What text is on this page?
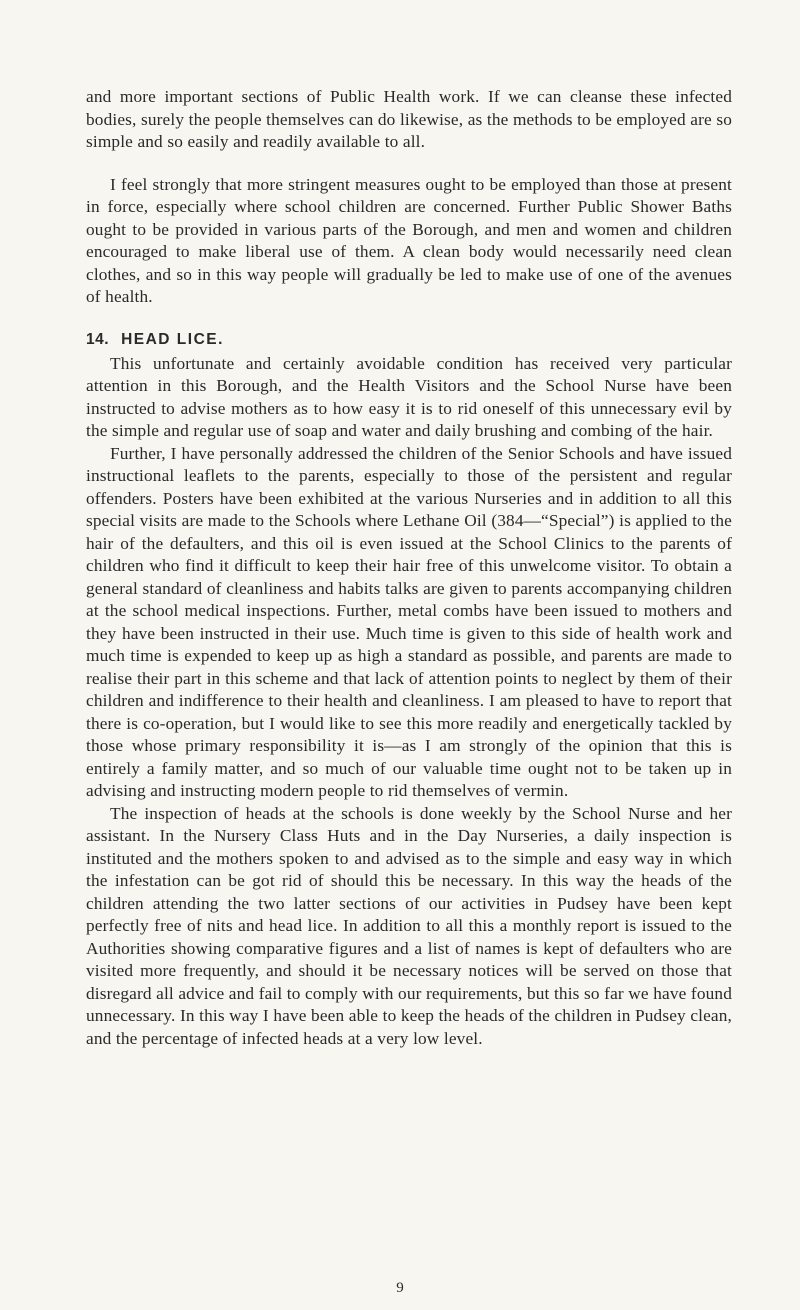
and more important sections of Public Health work. If we can cleanse these infected bodies, surely the people themselves can do likewise, as the methods to be employed are so simple and so easily and readily available to all.

I feel strongly that more stringent measures ought to be employed than those at present in force, especially where school children are concerned. Further Public Shower Baths ought to be provided in various parts of the Borough, and men and women and children encouraged to make liberal use of them. A clean body would necessarily need clean clothes, and so in this way people will gradually be led to make use of one of the avenues of health.

14. HEAD LICE.

This unfortunate and certainly avoidable condition has received very particular attention in this Borough, and the Health Visitors and the School Nurse have been instructed to advise mothers as to how easy it is to rid oneself of this unnecessary evil by the simple and regular use of soap and water and daily brushing and combing of the hair.

Further, I have personally addressed the children of the Senior Schools and have issued instructional leaflets to the parents, especially to those of the persistent and regular offenders. Posters have been exhibited at the various Nurseries and in addition to all this special visits are made to the Schools where Lethane Oil (384—“Special”) is applied to the hair of the defaulters, and this oil is even issued at the School Clinics to the parents of children who find it difficult to keep their hair free of this unwelcome visitor. To obtain a general standard of cleanliness and habits talks are given to parents accompanying children at the school medical inspections. Further, metal combs have been issued to mothers and they have been instructed in their use. Much time is given to this side of health work and much time is expended to keep up as high a standard as possible, and parents are made to realise their part in this scheme and that lack of attention points to neglect by them of their children and indifference to their health and cleanliness. I am pleased to have to report that there is co-operation, but I would like to see this more readily and energetically tackled by those whose primary responsibility it is—as I am strongly of the opinion that this is entirely a family matter, and so much of our valuable time ought not to be taken up in advising and instructing modern people to rid themselves of vermin.

The inspection of heads at the schools is done weekly by the School Nurse and her assistant. In the Nursery Class Huts and in the Day Nurseries, a daily inspection is instituted and the mothers spoken to and advised as to the simple and easy way in which the infestation can be got rid of should this be necessary. In this way the heads of the children attending the two latter sections of our activities in Pudsey have been kept perfectly free of nits and head lice. In addition to all this a monthly report is issued to the Authorities showing comparative figures and a list of names is kept of defaulters who are visited more frequently, and should it be necessary notices will be served on those that disregard all advice and fail to comply with our requirements, but this so far we have found unnecessary. In this way I have been able to keep the heads of the children in Pudsey clean, and the percentage of infected heads at a very low level.

9
